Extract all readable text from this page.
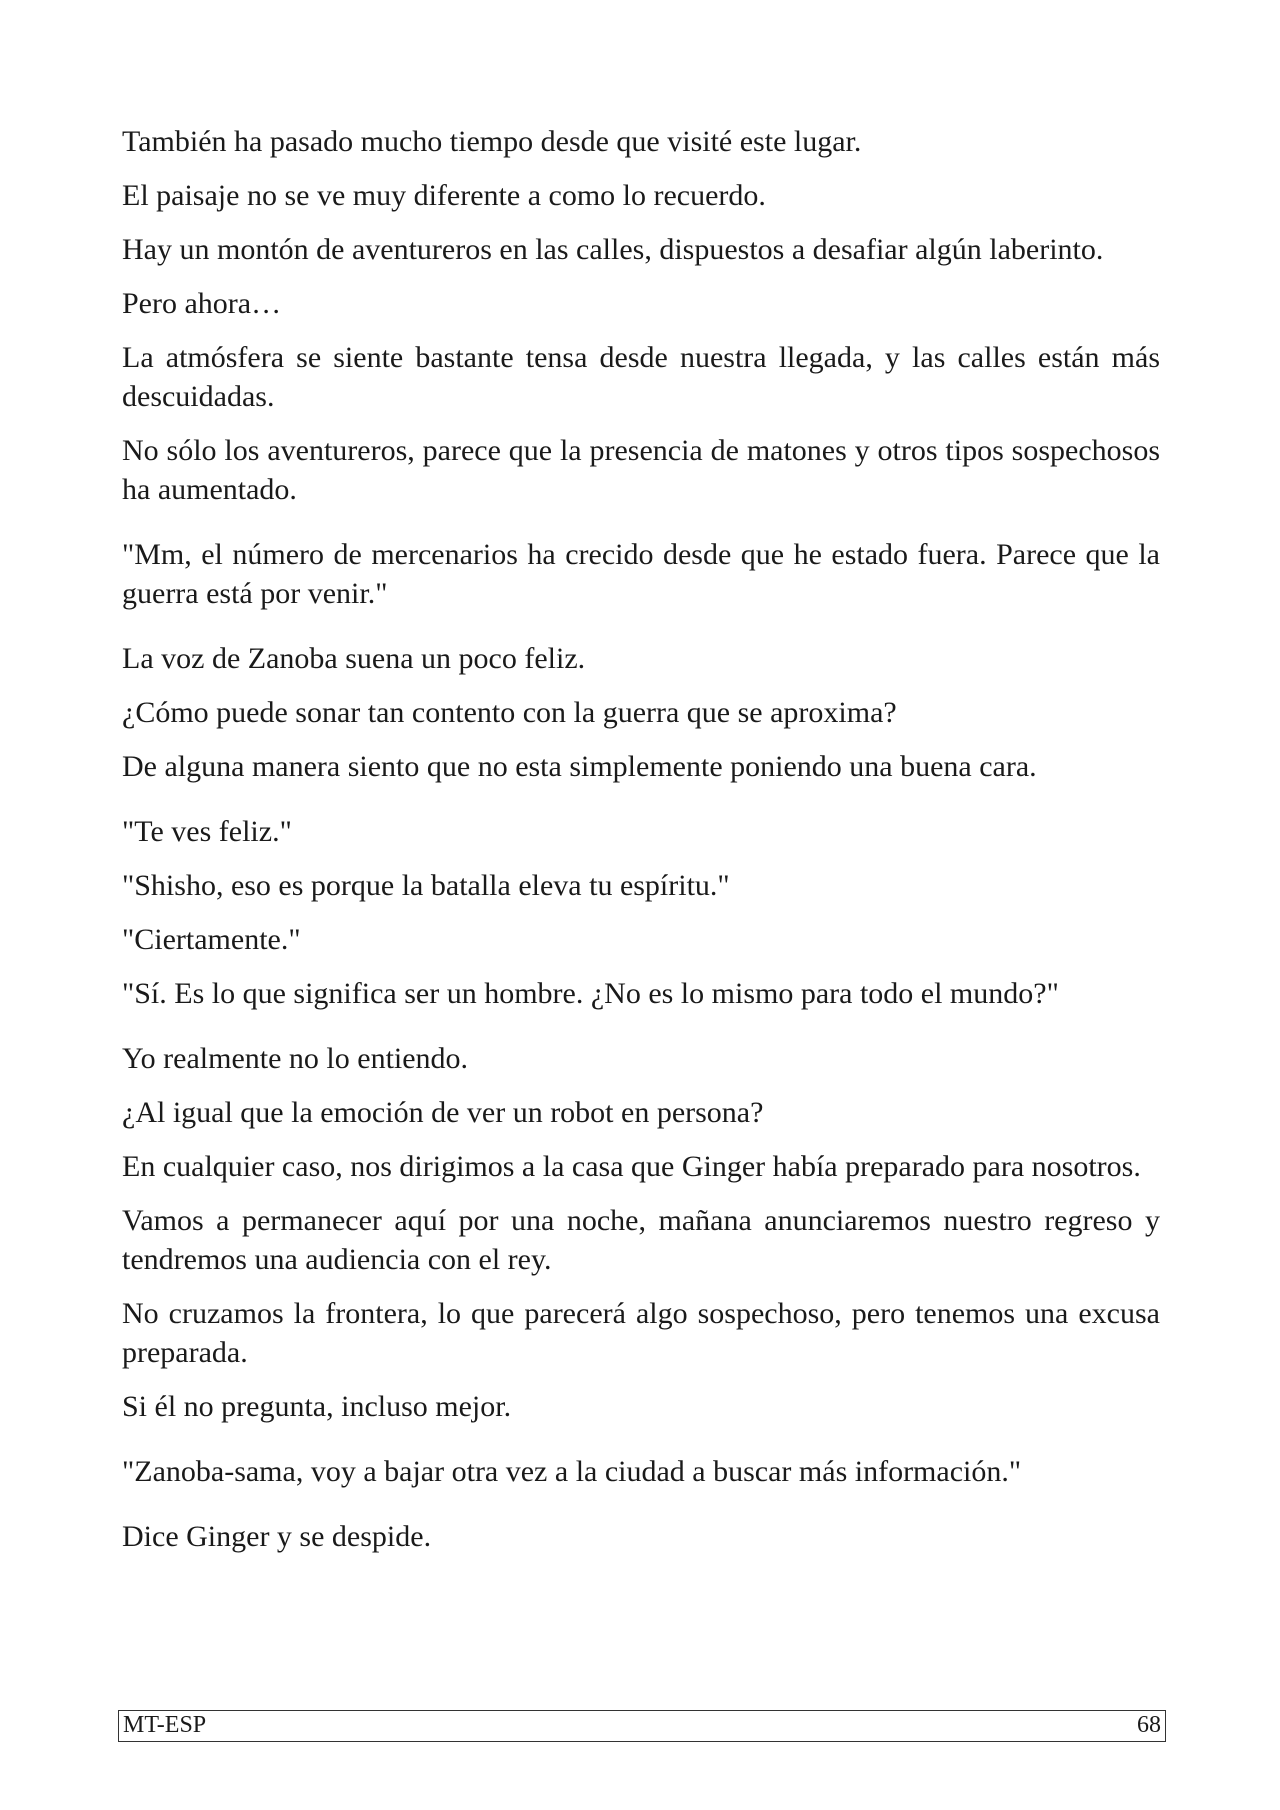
También ha pasado mucho tiempo desde que visité este lugar.

El paisaje no se ve muy diferente a como lo recuerdo.

Hay un montón de aventureros en las calles, dispuestos a desafiar algún laberinto.

Pero ahora…

La atmósfera se siente bastante tensa desde nuestra llegada, y las calles están más descuidadas.

No sólo los aventureros, parece que la presencia de matones y otros tipos sospechosos ha aumentado.

"Mm, el número de mercenarios ha crecido desde que he estado fuera. Parece que la guerra está por venir."

La voz de Zanoba suena un poco feliz.

¿Cómo puede sonar tan contento con la guerra que se aproxima?

De alguna manera siento que no esta simplemente poniendo una buena cara.

"Te ves feliz."

"Shisho, eso es porque la batalla eleva tu espíritu."

"Ciertamente."

"Sí. Es lo que significa ser un hombre. ¿No es lo mismo para todo el mundo?"

Yo realmente no lo entiendo.

¿Al igual que la emoción de ver un robot en persona?

En cualquier caso, nos dirigimos a la casa que Ginger había preparado para nosotros.

Vamos a permanecer aquí por una noche, mañana anunciaremos nuestro regreso y tendremos una audiencia con el rey.

No cruzamos la frontera, lo que parecerá algo sospechoso, pero tenemos una excusa preparada.

Si él no pregunta, incluso mejor.

"Zanoba-sama, voy a bajar otra vez a la ciudad a buscar más información."

Dice Ginger y se despide.

MT-ESP	68
